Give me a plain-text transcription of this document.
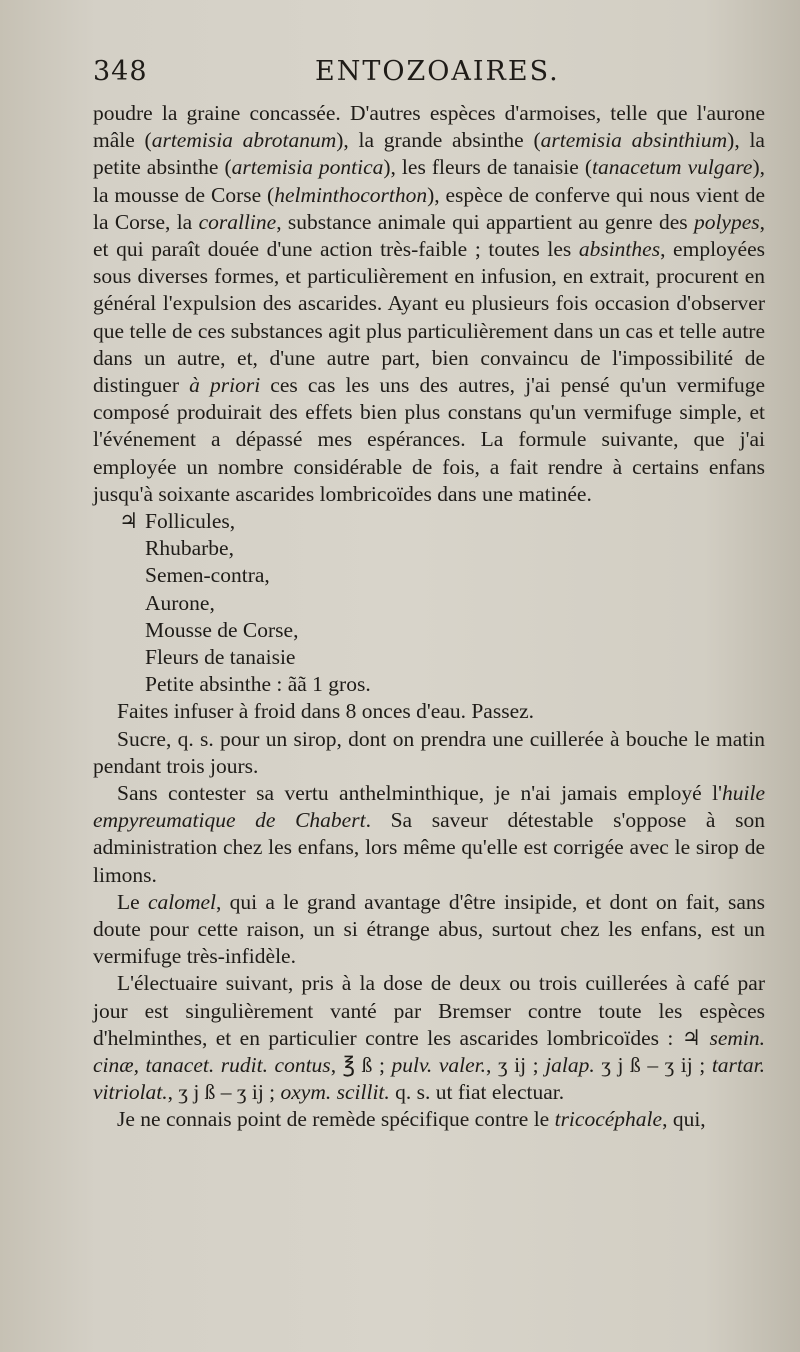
348	ENTOZOAIRES.

poudre la graine concassée. D'autres espèces d'armoises, telle que l'aurone mâle (artemisia abrotanum), la grande absinthe (artemisia absinthium), la petite absinthe (artemisia pontica), les fleurs de tanaisie (tanacetum vulgare), la mousse de Corse (helminthocorthon), espèce de conferve qui nous vient de la Corse, la coralline, substance animale qui appartient au genre des polypes, et qui paraît douée d'une action très-faible ; toutes les absinthes, employées sous diverses formes, et particulièrement en infusion, en extrait, procurent en général l'expulsion des ascarides. Ayant eu plusieurs fois occasion d'observer que telle de ces substances agit plus particulièrement dans un cas et telle autre dans un autre, et, d'une autre part, bien convaincu de l'impossibilité de distinguer à priori ces cas les uns des autres, j'ai pensé qu'un vermifuge composé produirait des effets bien plus constans qu'un vermifuge simple, et l'événement a dépassé mes espérances. La formule suivante, que j'ai employée un nombre considérable de fois, a fait rendre à certains enfans jusqu'à soixante ascarides lombricoïdes dans une matinée.

♃ Follicules,
Rhubarbe,
Semen-contra,
Aurone,
Mousse de Corse,
Fleurs de tanaisie
Petite absinthe : ãã 1 gros.

Faites infuser à froid dans 8 onces d'eau. Passez.

Sucre, q. s. pour un sirop, dont on prendra une cuillerée à bouche le matin pendant trois jours.

Sans contester sa vertu anthelminthique, je n'ai jamais employé l'huile empyreumatique de Chabert. Sa saveur détestable s'oppose à son administration chez les enfans, lors même qu'elle est corrigée avec le sirop de limons.

Le calomel, qui a le grand avantage d'être insipide, et dont on fait, sans doute pour cette raison, un si étrange abus, surtout chez les enfans, est un vermifuge très-infidèle.

L'électuaire suivant, pris à la dose de deux ou trois cuillerées à café par jour est singulièrement vanté par Bremser contre toute les espèces d'helminthes, et en particulier contre les ascarides lombricoïdes : ♃ semin. cinæ, tanacet. rudit. contus, ℥ ß ; pulv. valer., ʒ ij ; jalap. ʒ j ß – ʒ ij ; tartar. vitriolat., ʒ j ß – ʒ ij ; oxym. scillit. q. s. ut fiat electuar.

Je ne connais point de remède spécifique contre le tricocéphale, qui,
